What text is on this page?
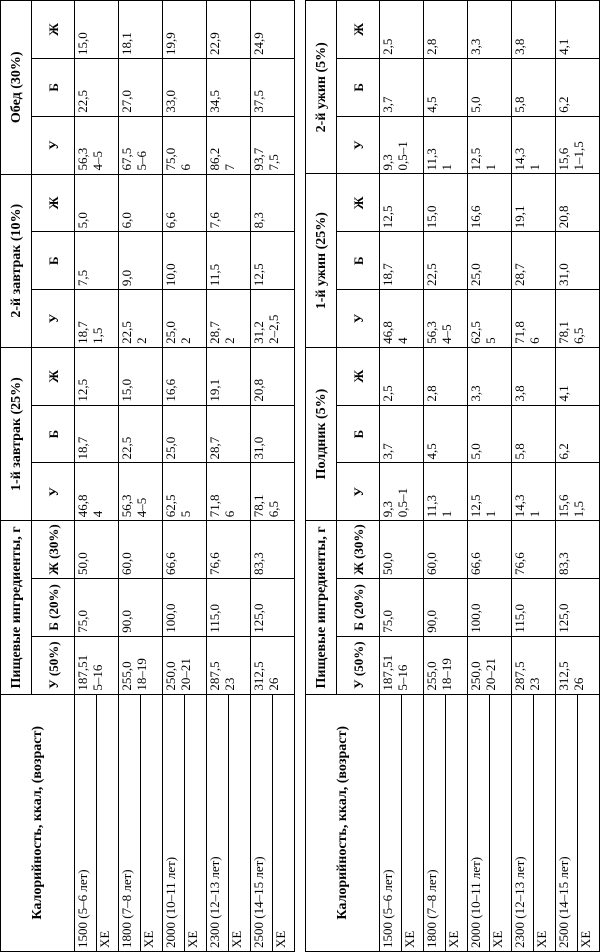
Калорийность, ккал, (возраст)	Пищевые ингредиенты, г			1-й завтрак (25%)			2-й завтрак (10%)			Обед (30%)		
	У (50%)	Б (20%)	Ж (30%)	У	Б	Ж	У	Б	Ж	У	Б	Ж
1500 (5–6 лет)	187,51 5–16	75,0	50,0	46,8 4	18,7	12,5	18,7 1,5	7,5	5,0	56,3 4–5	22,5	15,0

ХЕ												
1800 (7–8 лет)	255,0 18–19	90,0	60,0	56,3 4–5	22,5	15,0	22,5 2	9,0	6,0	67,5 5–6	27,0	18,1

ХЕ												
2000 (10–11 лет)	250,0 20–21	100,0	66,6	62,5 5	25,0	16,6	25,0 2	10,0	6,6	75,0 6	33,0	19,9

ХЕ												
2300 (12–13 лет)	287,5 23	115,0	76,6	71,8 6	28,7	19,1	28,7 2	11,5	7,6	86,2 7	34,5	22,9

ХЕ												
2500 (14–15 лет)	312,5 26	125,0	83,3	78,1 6,5	31,0	20,8	31,2 2–2,5	12,5	8,3	93,7 7,5	37,5	24,9

ХЕ												
Калорийность, ккал, (возраст)	Пищевые ингредиенты, г			Полдник (5%)			1-й ужин (25%)			2-й ужин (5%)		
	У (50%)	Б (20%)	Ж (30%)	У	Б	Ж	У	Б	Ж	У	Б	Ж
1500 (5–6 лет)	187,51 5–16	75,0	50,0	9,3 0,5–1	3,7	2,5	46,8 4	18,7	12,5	9,3 0,5–1	3,7	2,5

ХЕ												
1800 (7–8 лет)	255,0 18–19	90,0	60,0	11,3 1	4,5	2,8	56,3 4–5	22,5	15,0	11,3 1	4,5	2,8

ХЕ												
2000 (10–11 лет)	250,0 20–21	100,0	66,6	12,5 1	5,0	3,3	62,5 5	25,0	16,6	12,5 1	5,0	3,3

ХЕ												
2300 (12–13 лет)	287,5 23	115,0	76,6	14,3 1	5,8	3,8	71,8 6	28,7	19,1	14,3 1	5,8	3,8

ХЕ												
2500 (14–15 лет)	312,5 26	125,0	83,3	15,6 1,5	6,2	4,1	78,1 6,5	31,0	20,8	15,6 1–1,5	6,2	4,1

ХЕ												
